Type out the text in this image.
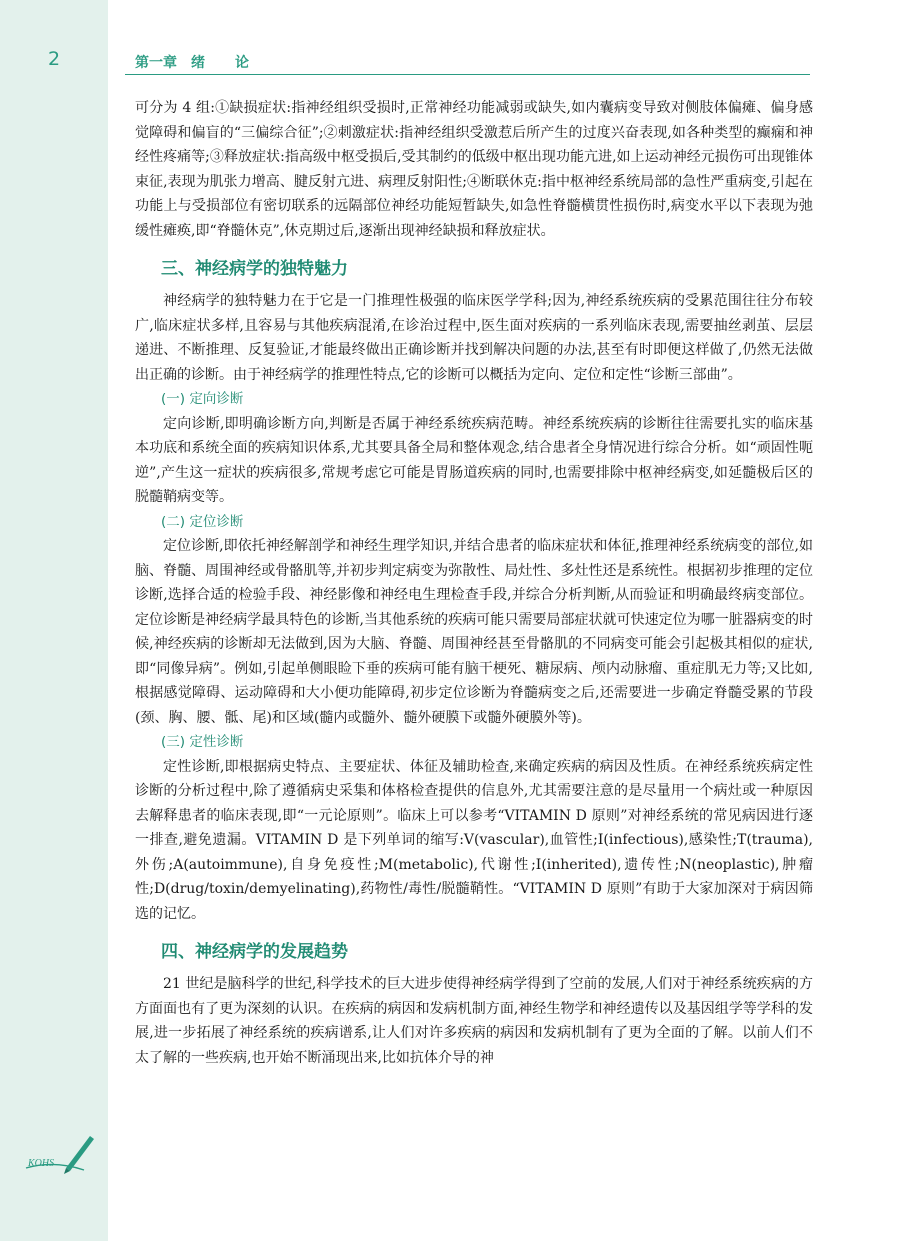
2	第一章 绪　论

可分为 4 组:①缺损症状:指神经组织受损时,正常神经功能减弱或缺失,如内囊病变导致对侧肢体偏瘫、偏身感觉障碍和偏盲的“三偏综合征”;②刺激症状:指神经组织受激惹后所产生的过度兴奋表现,如各种类型的癫痫和神经性疼痛等;③释放症状:指高级中枢受损后,受其制约的低级中枢出现功能亢进,如上运动神经元损伤可出现锥体束征,表现为肌张力增高、腱反射亢进、病理反射阳性;④断联休克:指中枢神经系统局部的急性严重病变,引起在功能上与受损部位有密切联系的远隔部位神经功能短暂缺失,如急性脊髓横贯性损伤时,病变水平以下表现为弛缓性瘫痪,即“脊髓休克”,休克期过后,逐渐出现神经缺损和释放症状。

三、神经病学的独特魅力

神经病学的独特魅力在于它是一门推理性极强的临床医学学科;因为,神经系统疾病的受累范围往往分布较广,临床症状多样,且容易与其他疾病混淆,在诊治过程中,医生面对疾病的一系列临床表现,需要抽丝剥茧、层层递进、不断推理、反复验证,才能最终做出正确诊断并找到解决问题的办法,甚至有时即便这样做了,仍然无法做出正确的诊断。由于神经病学的推理性特点,它的诊断可以概括为定向、定位和定性“诊断三部曲”。

(一) 定向诊断

定向诊断,即明确诊断方向,判断是否属于神经系统疾病范畴。神经系统疾病的诊断往往需要扎实的临床基本功底和系统全面的疾病知识体系,尤其要具备全局和整体观念,结合患者全身情况进行综合分析。如“顽固性呃逆”,产生这一症状的疾病很多,常规考虑它可能是胃肠道疾病的同时,也需要排除中枢神经病变,如延髓极后区的脱髓鞘病变等。

(二) 定位诊断

定位诊断,即依托神经解剖学和神经生理学知识,并结合患者的临床症状和体征,推理神经系统病变的部位,如脑、脊髓、周围神经或骨骼肌等,并初步判定病变为弥散性、局灶性、多灶性还是系统性。根据初步推理的定位诊断,选择合适的检验手段、神经影像和神经电生理检查手段,并综合分析判断,从而验证和明确最终病变部位。定位诊断是神经病学最具特色的诊断,当其他系统的疾病可能只需要局部症状就可快速定位为哪一脏器病变的时候,神经疾病的诊断却无法做到,因为大脑、脊髓、周围神经甚至骨骼肌的不同病变可能会引起极其相似的症状,即“同像异病”。例如,引起单侧眼睑下垂的疾病可能有脑干梗死、糖尿病、颅内动脉瘤、重症肌无力等;又比如,根据感觉障碍、运动障碍和大小便功能障碍,初步定位诊断为脊髓病变之后,还需要进一步确定脊髓受累的节段(颈、胸、腰、骶、尾)和区域(髓内或髓外、髓外硬膜下或髓外硬膜外等)。

(三) 定性诊断

定性诊断,即根据病史特点、主要症状、体征及辅助检查,来确定疾病的病因及性质。在神经系统疾病定性诊断的分析过程中,除了遵循病史采集和体格检查提供的信息外,尤其需要注意的是尽量用一个病灶或一种原因去解释患者的临床表现,即“一元论原则”。临床上可以参考“VITAMIN D 原则”对神经系统的常见病因进行逐一排查,避免遗漏。VITAMIN D 是下列单词的缩写:V(vascular),血管性;I(infectious),感染性;T(trauma),外伤;A(autoimmune),自身免疫性;M(metabolic),代谢性;I(inherited),遗传性;N(neoplastic),肿瘤性;D(drug/toxin/demyelinating),药物性/毒性/脱髓鞘性。“VITAMIN D 原则”有助于大家加深对于病因筛选的记忆。

四、神经病学的发展趋势

21 世纪是脑科学的世纪,科学技术的巨大进步使得神经病学得到了空前的发展,人们对于神经系统疾病的方方面面也有了更为深刻的认识。在疾病的病因和发病机制方面,神经生物学和神经遗传以及基因组学等学科的发展,进一步拓展了神经系统的疾病谱系,让人们对许多疾病的病因和发病机制有了更为全面的了解。以前人们不太了解的一些疾病,也开始不断涌现出来,比如抗体介导的神

KOHS
